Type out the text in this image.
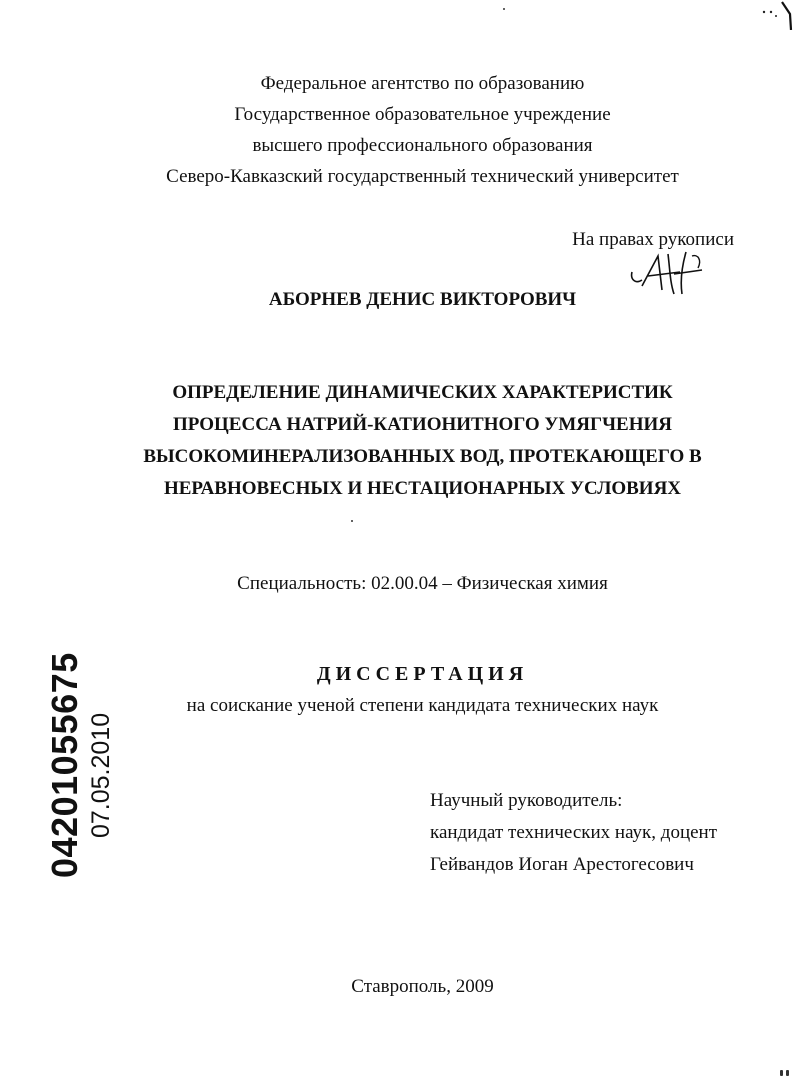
Федеральное агентство по образованию
Государственное образовательное учреждение
высшего профессионального образования
Северо-Кавказский государственный технический университет
На правах рукописи
АБОРНЕВ ДЕНИС ВИКТОРОВИЧ
ОПРЕДЕЛЕНИЕ ДИНАМИЧЕСКИХ ХАРАКТЕРИСТИК
ПРОЦЕССА НАТРИЙ-КАТИОНИТНОГО УМЯГЧЕНИЯ
ВЫСОКОМИНЕРАЛИЗОВАННЫХ ВОД, ПРОТЕКАЮЩЕГО В
НЕРАВНОВЕСНЫХ И НЕСТАЦИОНАРНЫХ УСЛОВИЯХ
Специальность: 02.00.04 – Физическая химия
ДИССЕРТАЦИЯ
на соискание ученой степени кандидата технических наук
Научный руководитель:
кандидат технических наук, доцент
Гейвандов Иоган Арестогесович
Ставрополь, 2009
04201055675 07.05.2010
